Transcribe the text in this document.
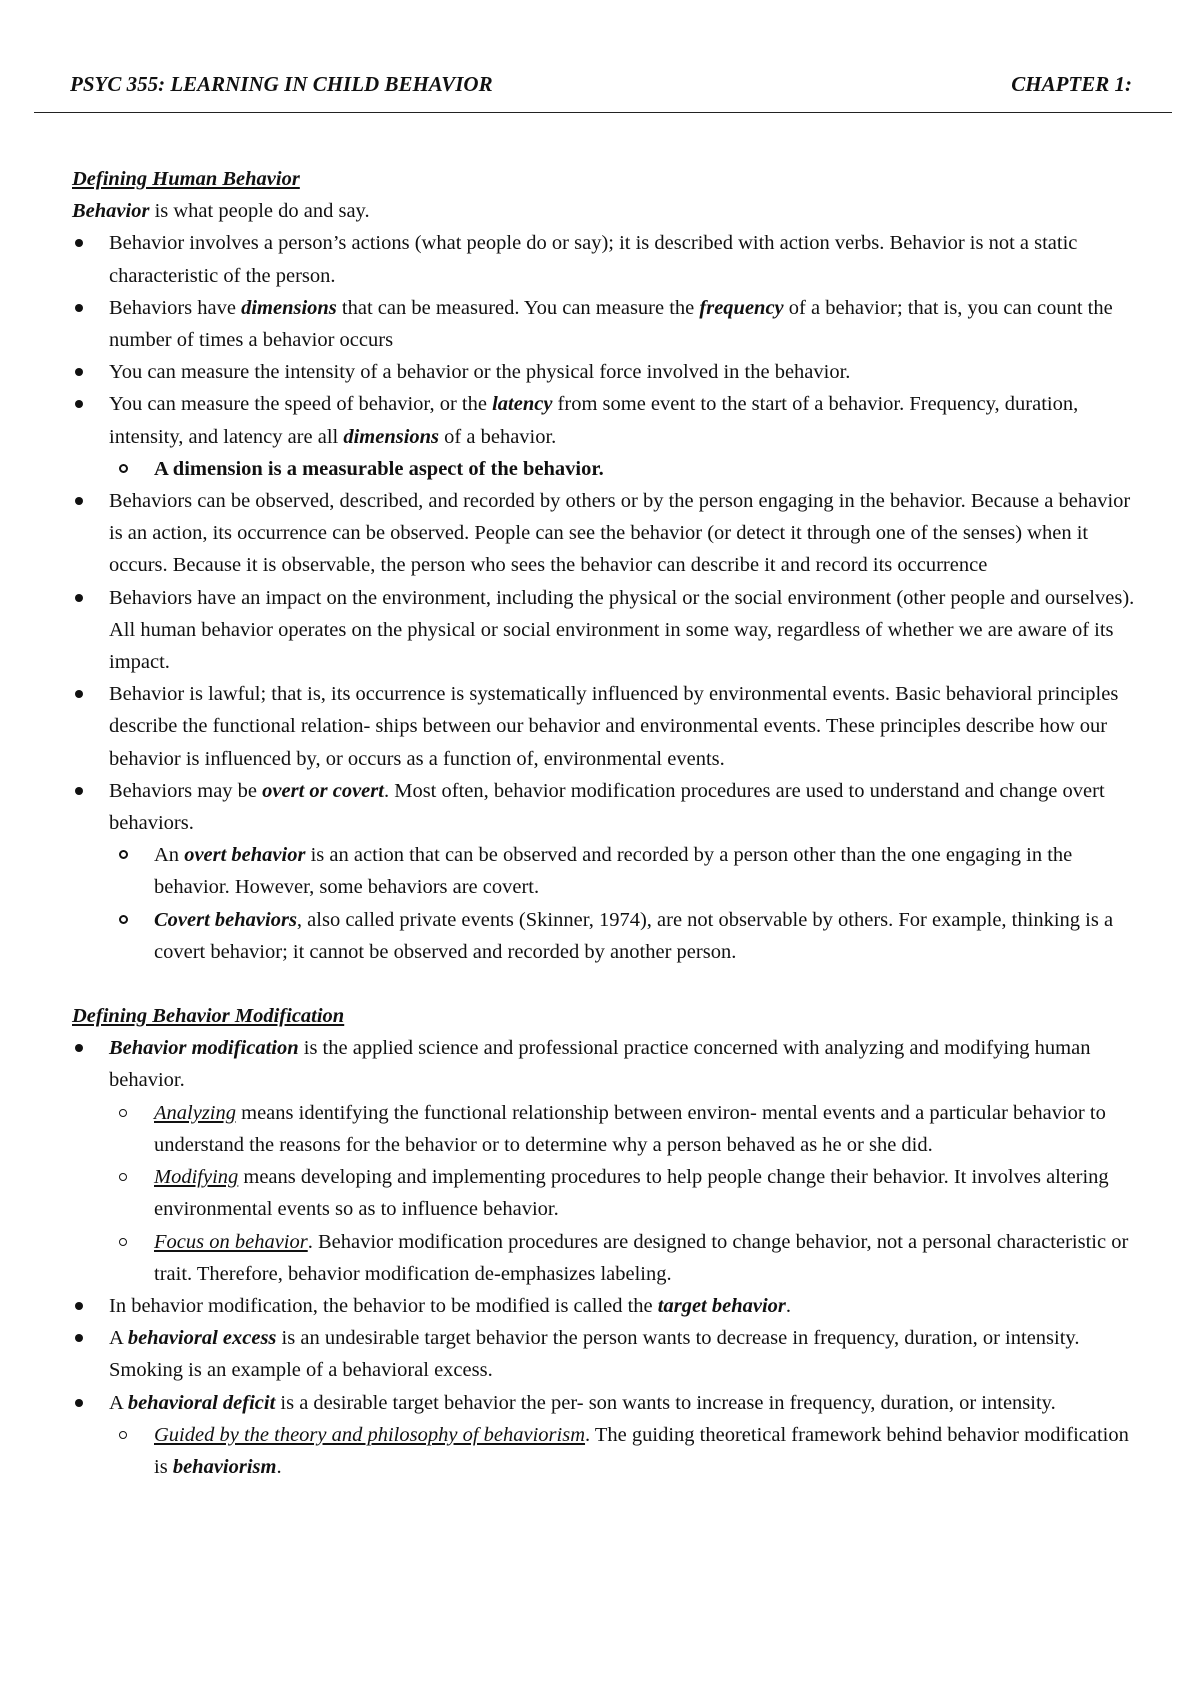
PSYC 355: LEARNING IN CHILD BEHAVIOR	CHAPTER 1:
Defining Human Behavior
Behavior is what people do and say.
Behavior involves a person’s actions (what people do or say); it is described with action verbs. Behavior is not a static characteristic of the person.
Behaviors have dimensions that can be measured. You can measure the frequency of a behavior; that is, you can count the number of times a behavior occurs
You can measure the intensity of a behavior or the physical force involved in the behavior.
You can measure the speed of behavior, or the latency from some event to the start of a behavior. Frequency, duration, intensity, and latency are all dimensions of a behavior.
A dimension is a measurable aspect of the behavior.
Behaviors can be observed, described, and recorded by others or by the person engaging in the behavior. Because a behavior is an action, its occurrence can be observed. People can see the behavior (or detect it through one of the senses) when it occurs. Because it is observable, the person who sees the behavior can describe it and record its occurrence
Behaviors have an impact on the environment, including the physical or the social environment (other people and ourselves). All human behavior operates on the physical or social environment in some way, regardless of whether we are aware of its impact.
Behavior is lawful; that is, its occurrence is systematically influenced by environmental events. Basic behavioral principles describe the functional relation- ships between our behavior and environmental events. These principles describe how our behavior is influenced by, or occurs as a function of, environmental events.
Behaviors may be overt or covert. Most often, behavior modification procedures are used to understand and change overt behaviors.
An overt behavior is an action that can be observed and recorded by a person other than the one engaging in the behavior. However, some behaviors are covert.
Covert behaviors, also called private events (Skinner, 1974), are not observable by others. For example, thinking is a covert behavior; it cannot be observed and recorded by another person.
Defining Behavior Modification
Behavior modification is the applied science and professional practice concerned with analyzing and modifying human behavior.
Analyzing means identifying the functional relationship between environ- mental events and a particular behavior to understand the reasons for the behavior or to determine why a person behaved as he or she did.
Modifying means developing and implementing procedures to help people change their behavior. It involves altering environmental events so as to influence behavior.
Focus on behavior. Behavior modification procedures are designed to change behavior, not a personal characteristic or trait. Therefore, behavior modification de-emphasizes labeling.
In behavior modification, the behavior to be modified is called the target behavior.
A behavioral excess is an undesirable target behavior the person wants to decrease in frequency, duration, or intensity. Smoking is an example of a behavioral excess.
A behavioral deficit is a desirable target behavior the per- son wants to increase in frequency, duration, or intensity.
Guided by the theory and philosophy of behaviorism. The guiding theoretical framework behind behavior modification is behaviorism.
